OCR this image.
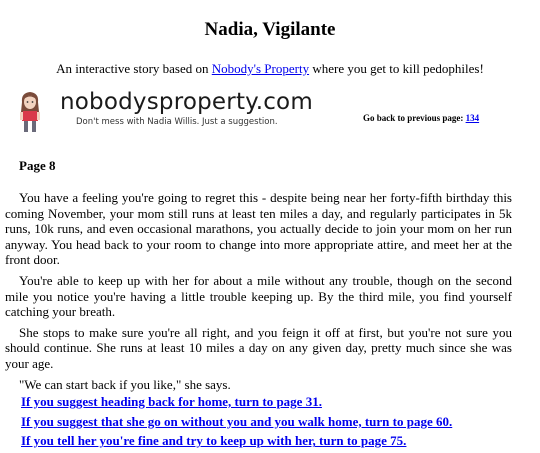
Nadia, Vigilante

An interactive story based on Nobody's Property where you get to kill pedophiles!

nobodysproperty.com
Don't mess with Nadia Willis. Just a suggestion.	Go back to previous page: 134
Page 8

You have a feeling you're going to regret this - despite being near her forty-fifth birthday this coming November, your mom still runs at least ten miles a day, and regularly participates in 5k runs, 10k runs, and even occasional marathons, you actually decide to join your mom on her run anyway. You head back to your room to change into more appropriate attire, and meet her at the front door.

You're able to keep up with her for about a mile without any trouble, though on the second mile you notice you're having a little trouble keeping up. By the third mile, you find yourself catching your breath.

She stops to make sure you're all right, and you feign it off at first, but you're not sure you should continue. She runs at least 10 miles a day on any given day, pretty much since she was your age.

"We can start back if you like," she says.

If you suggest heading back for home, turn to page 31.
If you suggest that she go on without you and you walk home, turn to page 60.
If you tell her you're fine and try to keep up with her, turn to page 75.
